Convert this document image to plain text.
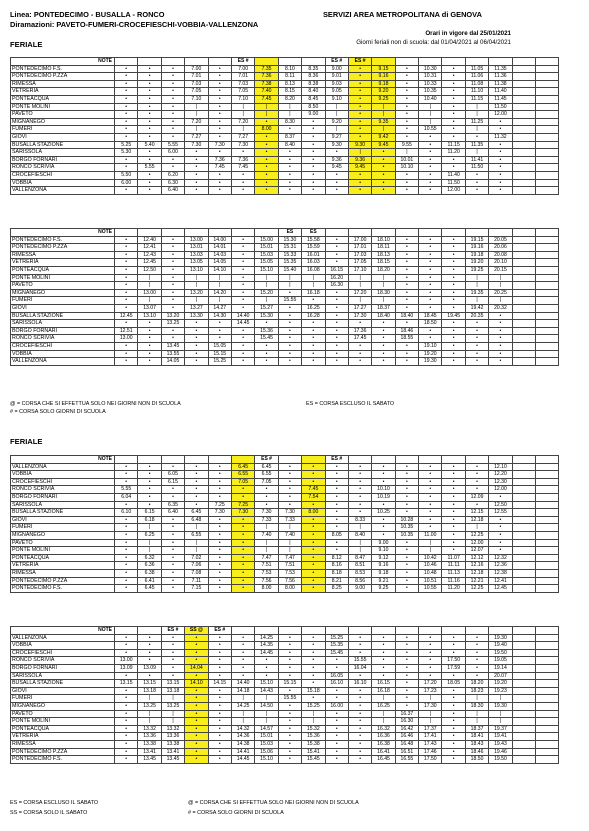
Linea: PONTEDECIMO - BUSALLA - RONCO
Diramazioni: PAVETO-FUMERI-CROCEFIESCHI-VOBBIA-VALLENZONA
SERVIZI AREA METROPOLITANA di GENOVA
Orari in vigore dal 25/01/2021
Giorni feriali non di scuola: dal 01/04/2021 al 06/04/2021
FERIALE
NOTE						ES #				ES #	ES #								
PONTEDECIMO F.S.	•	•	•	7.00	•	7.00	7.35	8.10	8.35	9.00	•	9.15	•	10.30	•	11.05	11.35		
PONTEDECIMO P.ZZA	•	•	•	7.01	•	7.01	7.36	8.11	8.36	9.01	•	9.16	•	10.31	•	11.06	11.36		
RIMESSA	•	•	•	7.03	•	7.03	7.38	8.13	8.38	9.03	•	9.18	•	10.33	•	11.08	11.38		
VETRERIA	•	•	•	7.05	•	7.05	7.40	8.15	8.40	9.05	•	9.20	•	10.35	•	11.10	11.40		
PONTEACQUA	•	•	•	7.10	•	7.10	7.45	8.20	8.45	9.10	•	9.25	•	10.40	•	11.15	11.45		
PONTE MOLINI	•	•	•	|	•	|	|	|	8.50	|	•	|	•	|	•	|	11.50		
PAVETO	•	•	•	|	•	|	|	|	9.00	|	•	|	•	|	•	|	12.00		
MIGNANEGO	•	•	•	7.20	•	7.20	•	8.30	•	9.20	•	9.35	•	|	•	11.25	•		
FUMERI	•	•	•	|	•	|	8.00	•	•	|	•	|	•	10.55	•	|	•		
GIOVI	•	•	•	7.27	•	7.27	•	8.37	•	9.27	•	9.42	•	•	•	•	11.32		
BUSALLA STAZIONE	5.25	5.40	5.55	7.30	7.30	7.30	•	8.40	•	9.30	9.30	9.45	9.55	•	11.15	11.35	•		
SARISSOLA	5.30	•	6.00	•	•	•	•	•	•	•	|	•	|	•	11.20	|	•		
BORGO FORNARI	•	•	•	•	7.36	7.36	•	•	•	9.36	9.36	•	10.01	•	•	11.41	•		
RONCO SCRIVIA	•	5.55	•	•	7.45	7.45	•	•	•	9.45	9.45	•	10.10	•	•	11.50	•		
CROCEFIESCHI	5.50	•	6.20	•	•	•	•	•	•	•	•	•	•	•	11.40	•	•		
VOBBIA	6.00	•	6.30	•	•	•	•	•	•	•	•	•	•	•	11.50	•	•		
VALLENZONA	•	•	6.40	•	•	•	•	•	•	•	•	•	•	•	12.00	•	•		
NOTE								ES	ES										
PONTEDECIMO F.S.	•	12.40	•	13.00	14.00	•	15.00	15.30	15.58	•	17.00	18.10	•	•	•	19.15	20.05		
PONTEDECIMO P.ZZA	•	12.41	•	13.01	14.01	•	15.01	15.31	15.59	•	17.01	18.11	•	•	•	19.16	20.06		
RIMESSA	•	12.43	•	13.03	14.03	•	15.03	15.33	16.01	•	17.03	18.13	•	•	•	19.18	20.08		
VETRERIA	•	12.45	•	13.05	14.05	•	15.05	15.35	16.03	•	17.05	18.15	•	•	•	19.20	20.10		
PONTEACQUA	•	12.50	•	13.10	14.10	•	15.10	15.40	16.08	16.15	17.10	18.20	•	•	•	19.25	20.15		
PONTE MOLINI	•	|	•	|	|	•	|	|	|	16.20	|	|	•	•	•	|	|		
PAVETO	•	|	•	|	|	•	|	|	|	16.30	|	|	•	•	•	|	|		
MIGNANEGO	•	13.00	•	13.20	14.20	•	15.20	•	16.18	•	17.20	18.30	•	•	•	19.35	20.25		
FUMERI	•	|	•	|	|	•	|	15.55	•	•	|	|	•	•	•	|	|		
GIOVI	•	13.07	•	13.27	14.27	•	15.27	•	16.25	•	17.27	18.37	•	•	•	19.42	20.32		
BUSALLA STAZIONE	12.45	13.10	13.20	13.30	14.30	14.40	15.30	•	16.28	•	17.30	18.40	18.40	18.45	19.45	20.35	•		
SARISSOLA	•	•	13.25	•	•	14.45	•	•	•	•	•	•	•	18.50	•	•	•		
BORGO FORNARI	12.51	•	•	•	•	•	15.36	•	•	•	17.36	•	18.46	•	•	•	•		
RONCO SCRIVIA	13.00	•	•	•	•	•	15.45	•	•	•	17.45	•	18.55	•	•	•	•		
CROCEFIESCHI	•	•	13.45	•	15.05	•	•	•	•	•	•	•	•	19.10	•	•	•		
VOBBIA	•	•	13.55	•	15.15	•	•	•	•	•	•	•	•	19.20	•	•	•		
VALLENZONA	•	•	14.05	•	15.25	•	•	•	•	•	•	•	•	19.30	•	•	•		
@ = CORSA CHE SI EFFETTUA SOLO NEI GIORNI NON DI SCUOLA
# = CORSA SOLO GIORNI DI SCUOLA
ES = CORSA ESCLUSO IL SABATO
FERIALE
NOTE							ES #			ES #									
VALLENZONA	•	•	•	•	•	6.45	6.45	•	•	•	•	•	•	•	•	•	12.10		
VOBBIA	•	•	6.05	•	•	6.55	6.55	•	•	•	•	•	•	•	•	•	12.20		
CROCEFIESCHI	•	•	6.15	•	•	7.05	7.05	•	•	•	•	•	•	•	•	•	12.30		
RONCO SCRIVIA	5.55	•	•	•	•	•	•	•	7.45	•	•	10.10	•	•	•	•	12.00		
BORGO FORNARI	6.04	•	•	•	•	•	•	•	7.54	•	•	10.19	•	•	•	12.09	•		
SARISSOLA	•	•	6.35	•	7.25	7.25	•	•	•	•	•	•	•	•	•	•	12.50		
BUSALLA STAZIONE	6.10	6.15	6.40	6.45	7.30	7.30	7.30	7.30	8.00	•	•	10.25	•	•	•	12.15	12.55		
GIOVI	•	6.18	•	6.48	•	•	7.33	7.33	•	•	8.33	•	10.28	•	•	12.18	•		
FUMERI	•	|	•	|	•	•	|	|	•	•	|	•	10.35	•	•	|	•		
MIGNANEGO	•	6.25	•	6.55	•	•	7.40	7.40	•	8.05	8.40	•	10.35	11.00	•	12.25	•		
PAVETO	•	|	•	|	•	•	|	|	•	•	|	9.00	•	|	•	12.00	•		
PONTE MOLINI	•	|	•	|	•	•	|	|	•	•	|	9.10	•	|	•	12.07	•		
PONTEACQUA	•	6.32	•	7.02	•	•	7.47	7.47	•	8.12	8.47	9.12	•	10.42	11.07	12.12	12.32		
VETRERIA	•	6.36	•	7.06	•	•	7.51	7.51	•	8.16	8.51	9.16	•	10.46	11.11	12.16	12.36		
RIMESSA	•	6.38	•	7.08	•	•	7.53	7.53	•	8.18	8.53	9.18	•	10.48	11.13	12.18	12.38		
PONTEDECIMO P.ZZA	•	6.41	•	7.11	•	•	7.56	7.56	•	8.21	8.56	9.21	•	10.51	11.16	12.21	12.41		
PONTEDECIMO F.S.	•	6.45	•	7.15	•	•	8.00	8.00	•	8.25	9.00	9.25	•	10.55	11.20	12.25	12.45		
NOTE			ES #	SS @	ES #														
VALLENZONA	•	•	•	•	•	•	14.25	•	•	15.25	•	•	•	•	•	•	19.30		
VOBBIA	•	•	•	•	•	•	14.35	•	•	15.35	•	•	•	•	•	•	19.40		
CROCEFIESCHI	•	•	•	•	•	•	14.45	•	•	15.45	•	•	•	•	•	•	19.50		
RONCO SCRIVIA	13.00	•	•	•	•	•	•	•	•	•	15.55	•	•	•	17.50	•	19.05		
BORGO FORNARI	13.09	13.09	•	14.04	•	•	•	•	•	•	16.04	•	•	•	17.59	•	19.14		
SARISSOLA	•	•	•	•	•	•	•	•	•	16.05	•	•	•	•	•	•	20.07		
BUSALLA STAZIONE	13.15	13.15	13.15	14.10	14.15	14.40	15.10	15.15	•	16.10	16.10	16.15	•	17.20	18.05	18.20	19.20		
GIOVI	•	13.18	13.18	•	•	14.18	14.43	•	15.18	•	•	16.18	•	17.23	•	18.23	19.23		
FUMERI	•	|	|	•	•	|	|	15.55	•	•	•	|	•	|	•	|	|		
MIGNANEGO	•	13.25	13.25	•	•	14.25	14.50	•	15.25	16.00	•	16.25	•	17.30	•	18.30	19.30		
PAVETO	•	|	|	•	•	|	|	•	|	•	•	|	16.37	|	•	|	|		
PONTE MOLINI	•	|	|	•	•	|	|	•	|	•	•	|	16.30	|	•	|	|		
PONTEACQUA	•	13.32	13.32	•	•	14.32	14.57	•	15.32	•	•	16.32	16.42	17.37	•	18.37	19.37		
VETRERIA	•	13.36	13.36	•	•	14.36	15.01	•	15.36	•	•	16.36	16.46	17.41	•	18.41	19.41		
RIMESSA	•	13.38	13.38	•	•	14.38	15.03	•	15.38	•	•	16.38	16.48	17.43	•	18.43	19.43		
PONTEDECIMO P.ZZA	•	13.41	13.41	•	•	14.41	15.06	•	15.41	•	•	16.41	16.51	17.46	•	18.46	19.46		
PONTEDECIMO F.S.	•	13.45	13.45	•	•	14.45	15.10	•	15.45	•	•	16.45	16.55	17.50	•	18.50	19.50		
ES = CORSA ESCLUSO IL SABATO
SS = CORSA SOLO IL SABATO
@ = CORSA CHE SI EFFETTUA SOLO NEI GIORNI NON DI SCUOLA
# = CORSA SOLO GIORNI DI SCUOLA
